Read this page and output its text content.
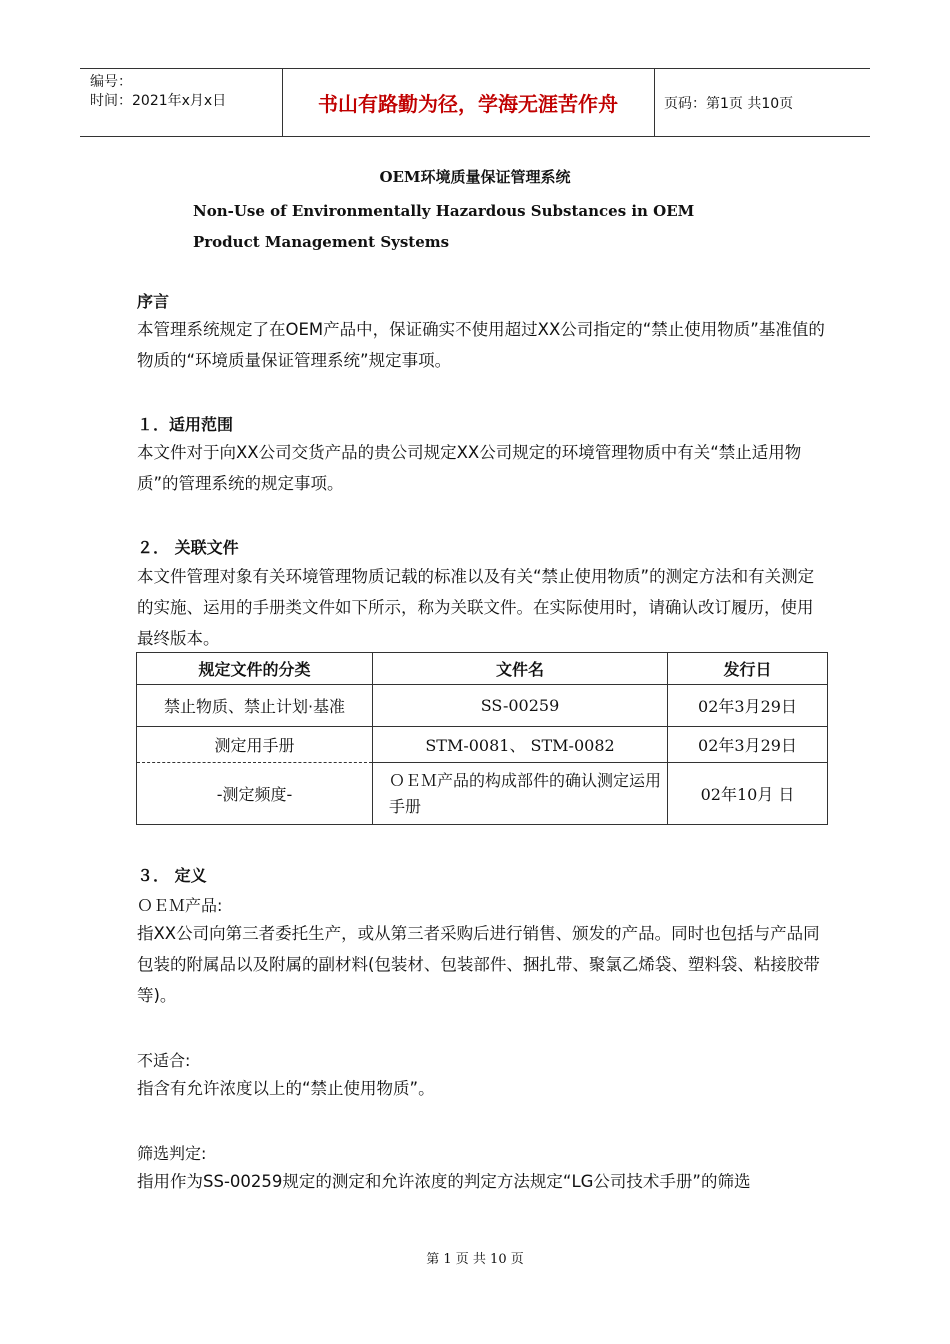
编号：
时间：2021年x月x日	书山有路勤为径，学海无涯苦作舟	页码：第1页 共10页
OEM环境质量保证管理系统
Non-Use of Environmentally Hazardous Substances in OEM Product Management Systems
序言
本管理系统规定了在OEM产品中，保证确实不使用超过XX公司指定的“禁止使用物质”基准值的物质的“环境质量保证管理系统”规定事项。
１．适用范围
本文件对于向XX公司交货产品的贵公司规定XX公司规定的环境管理物质中有关“禁止适用物质”的管理系统的规定事项。
２． 关联文件
本文件管理对象有关环境管理物质记载的标准以及有关“禁止使用物质”的测定方法和有关测定的实施、运用的手册类文件如下所示，称为关联文件。在实际使用时，请确认改订履历，使用最终版本。
规定文件的分类	文件名	发行日
禁止物质、禁止计划·基准	SS-00259	02年3月29日
测定用手册	STM-0081、 STM-0082	02年3月29日
-测定频度-	ＯＥＭ产品的构成部件的确认测定运用手册	02年10月 日
３． 定义
ＯＥＭ产品:
指XX公司向第三者委托生产，或从第三者采购后进行销售、颁发的产品。同时也包括与产品同包装的附属品以及附属的副材料(包装材、包装部件、捆扎带、聚氯乙烯袋、塑料袋、粘接胶带等)。
不适合:
指含有允许浓度以上的“禁止使用物质”。
筛选判定:
指用作为SS-00259规定的测定和允许浓度的判定方法规定“LG公司技术手册”的筛选
第 1 页 共 10 页
